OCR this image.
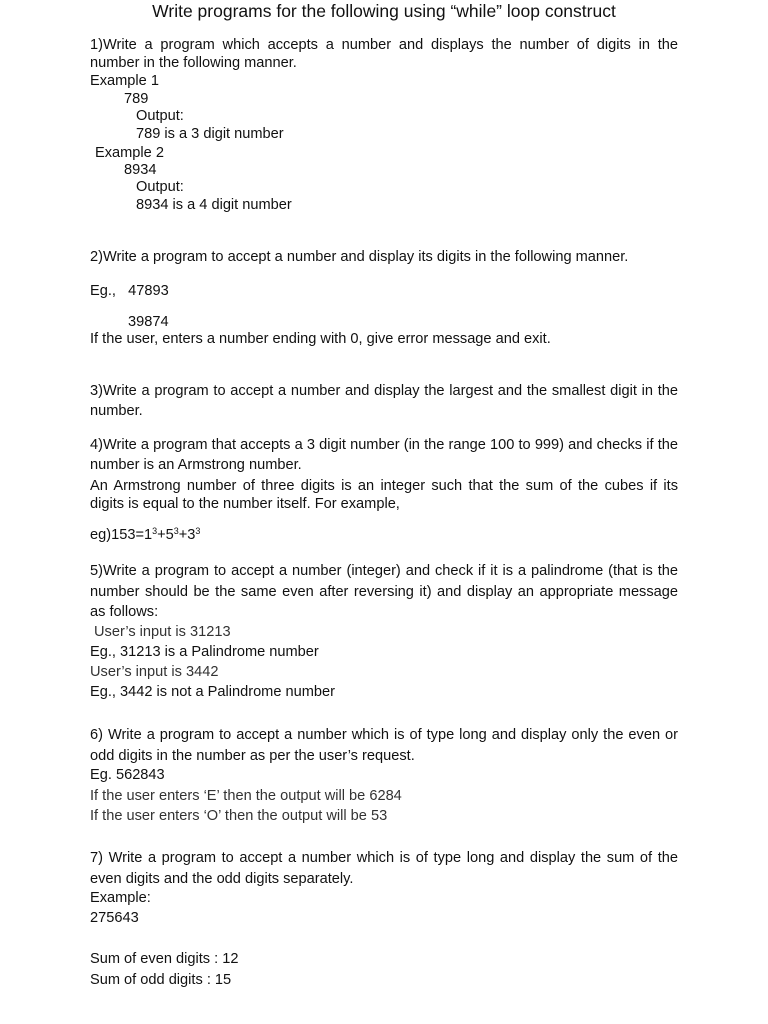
Write programs for the following using “while” loop construct

1)Write a program which accepts a number and displays the number of digits in the number in the following manner.

Example 1
789
Output:
789 is a 3 digit number
Example 2
8934
Output:
8934 is a 4 digit number

2)Write a program to accept a number and display its digits in the following manner.

Eg.,   47893
39874
If the user, enters a number ending with 0, give error message and exit.

3)Write a program to accept a number and display the largest and the smallest digit in the number.

4)Write a program that accepts a 3 digit number (in the range 100 to 999) and checks if the number is an Armstrong number.

An Armstrong number of three digits is an integer such that the sum of the cubes if its digits is equal to the number itself. For example,

$eg)153=1^3+5^3+3^3$

5)Write a program to accept a number (integer) and check if it is a palindrome (that is the number should be the same even after reversing it) and display an appropriate message as follows:

User’s input is 31213
Eg., 31213 is a Palindrome number
User’s input is 3442
Eg., 3442 is not a Palindrome number

6) Write a program to accept a number which is of type long and display only the even or odd digits in the number as per the user’s request.

Eg. 562843
If the user enters ‘E’ then the output will be 6284
If the user enters ‘O’ then the output will be 53

7) Write a program to accept a number which is of type long and display the sum of the even digits and the odd digits separately.

Example:
275643
Sum of even digits : 12
Sum of odd digits : 15
